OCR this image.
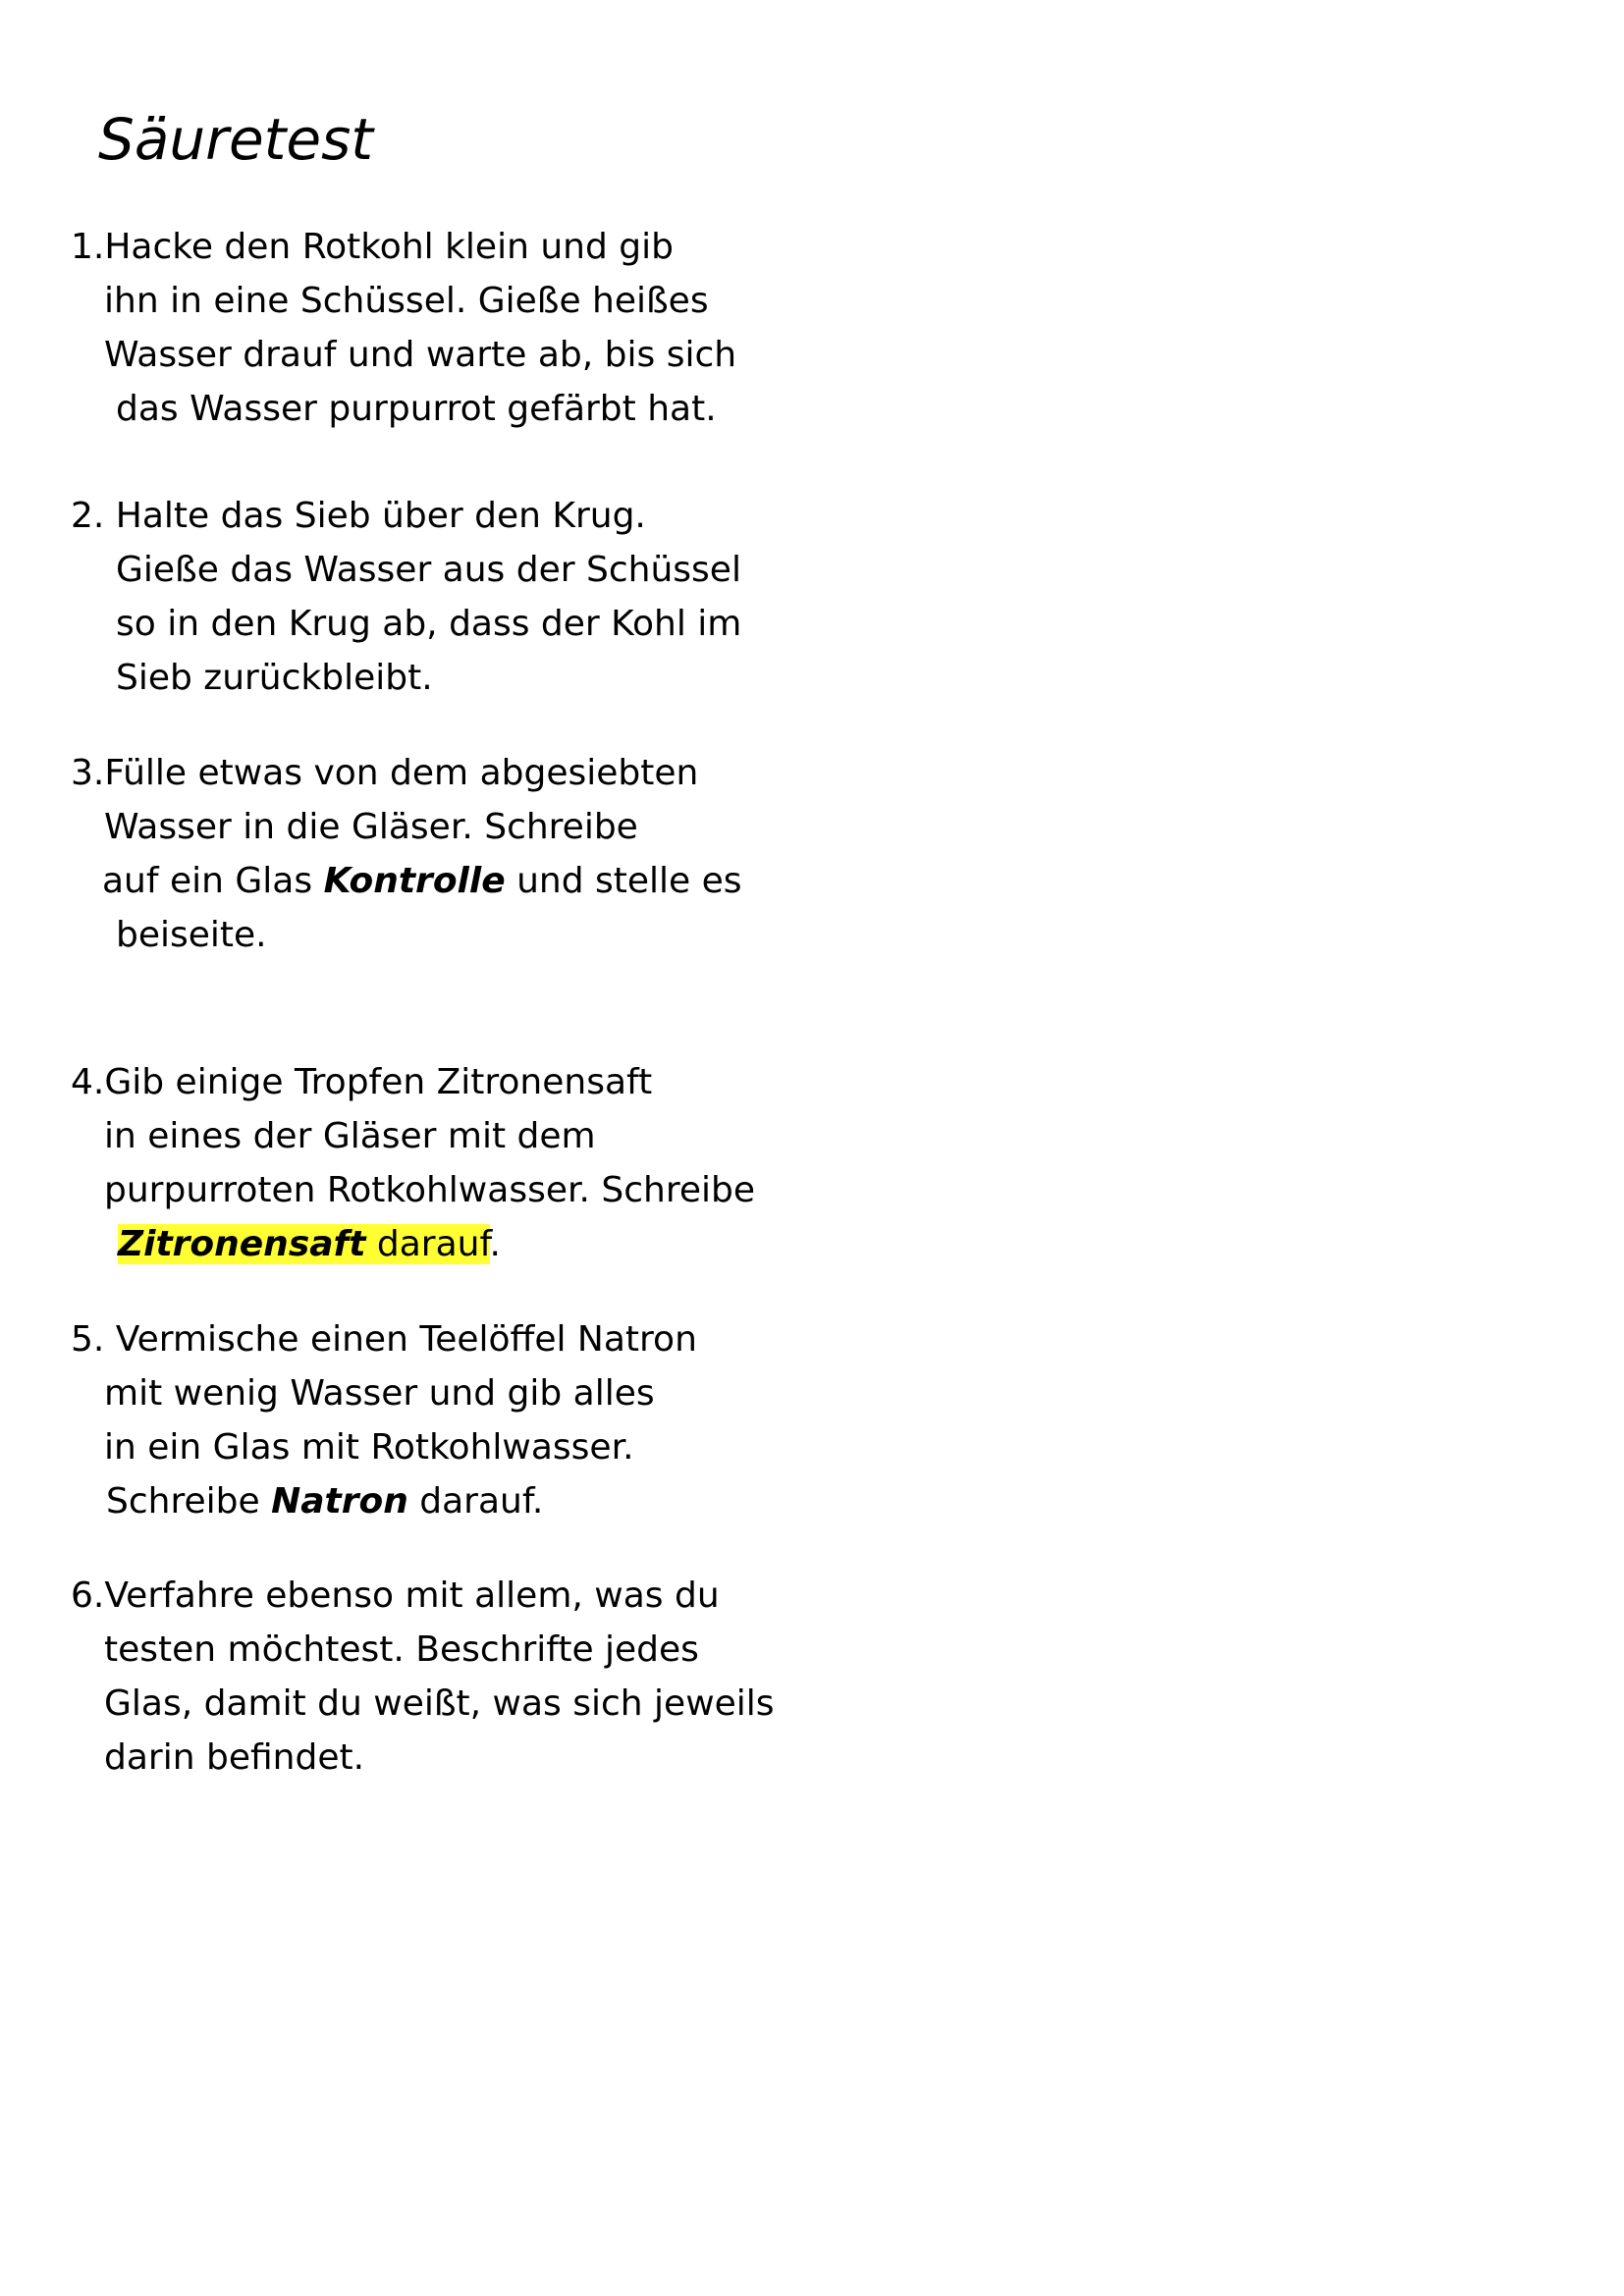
Säuretest
1.Hacke den Rotkohl klein und gib
ihn in eine Schüssel. Gieße heißes
Wasser drauf und warte ab, bis sich
das Wasser purpurrot gefärbt hat.
2. Halte das Sieb über den Krug.
Gieße das Wasser aus der Schüssel
so in den Krug ab, dass der Kohl im
Sieb zurückbleibt.
3.Fülle etwas von dem abgesiebten
Wasser in die Gläser. Schreibe
auf ein Glas Kontrolle und stelle es
beiseite.
4.Gib einige Tropfen Zitronensaft
in eines der Gläser mit dem
purpurroten Rotkohlwasser. Schreibe
Zitronensaft darauf.
5. Vermische einen Teelöffel Natron
mit wenig Wasser und gib alles
in ein Glas mit Rotkohlwasser.
Schreibe Natron darauf.
6.Verfahre ebenso mit allem, was du
testen möchtest. Beschrifte jedes
Glas, damit du weißt, was sich jeweils
darin befindet.
